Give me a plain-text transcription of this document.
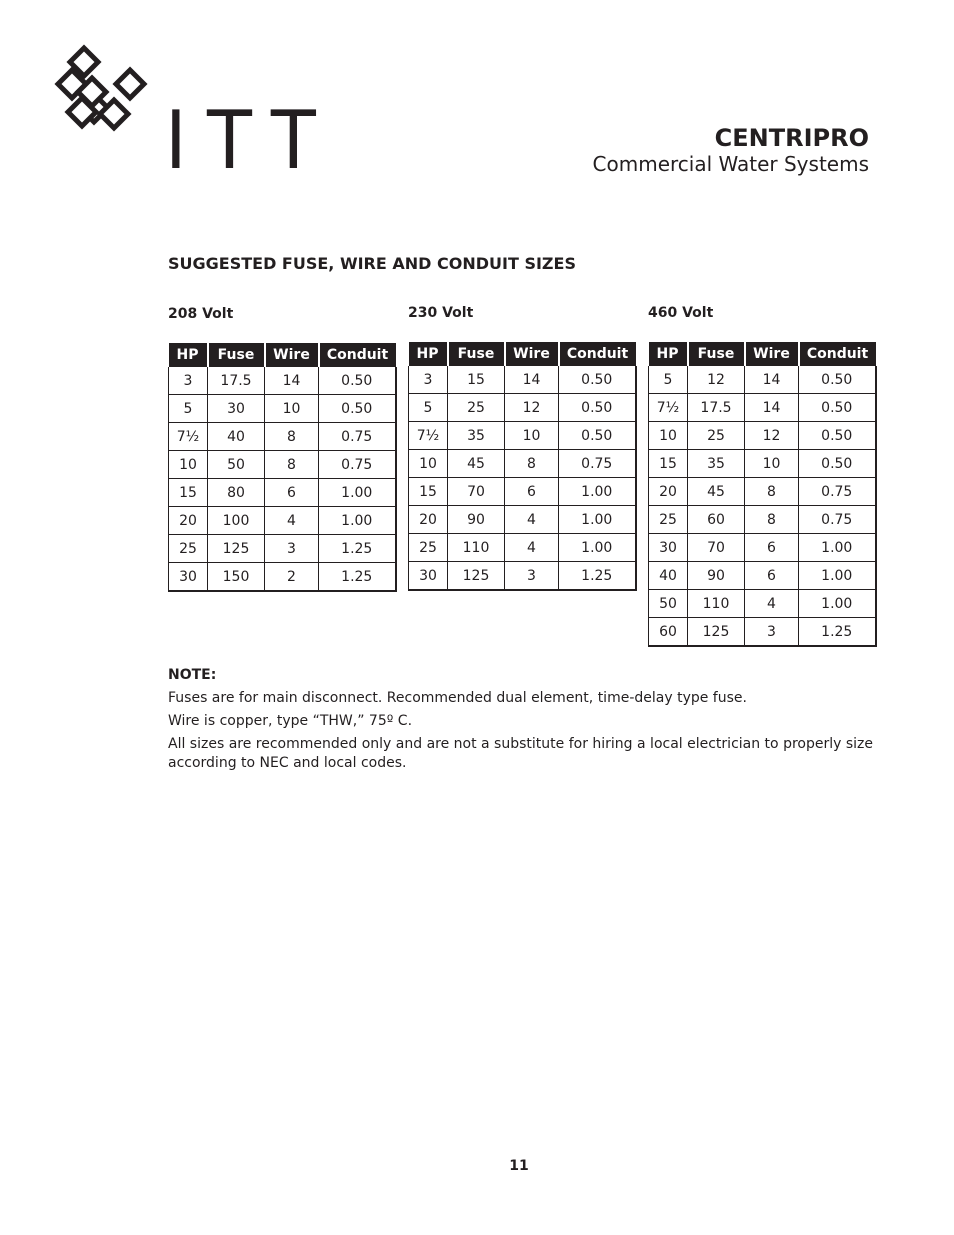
ITT	CENTRIPRO
Commercial Water Systems
SUGGESTED FUSE, WIRE AND CONDUIT SIZES
208 Volt
HP	Fuse	Wire	Conduit
3	17.5	14	0.50
5	30	10	0.50
7½	40	8	0.75
10	50	8	0.75
15	80	6	1.00
20	100	4	1.00
25	125	3	1.25
30	150	2	1.25
230 Volt
HP	Fuse	Wire	Conduit
3	15	14	0.50
5	25	12	0.50
7½	35	10	0.50
10	45	8	0.75
15	70	6	1.00
20	90	4	1.00
25	110	4	1.00
30	125	3	1.25
460 Volt
HP	Fuse	Wire	Conduit
5	12	14	0.50
7½	17.5	14	0.50
10	25	12	0.50
15	35	10	0.50
20	45	8	0.75
25	60	8	0.75
30	70	6	1.00
40	90	6	1.00
50	110	4	1.00
60	125	3	1.25
NOTE:

Fuses are for main disconnect. Recommended dual element, time-delay type fuse.

Wire is copper, type “THW,” 75º C.

All sizes are recommended only and are not a substitute for hiring a local electrician to properly size according to NEC and local codes.

11
